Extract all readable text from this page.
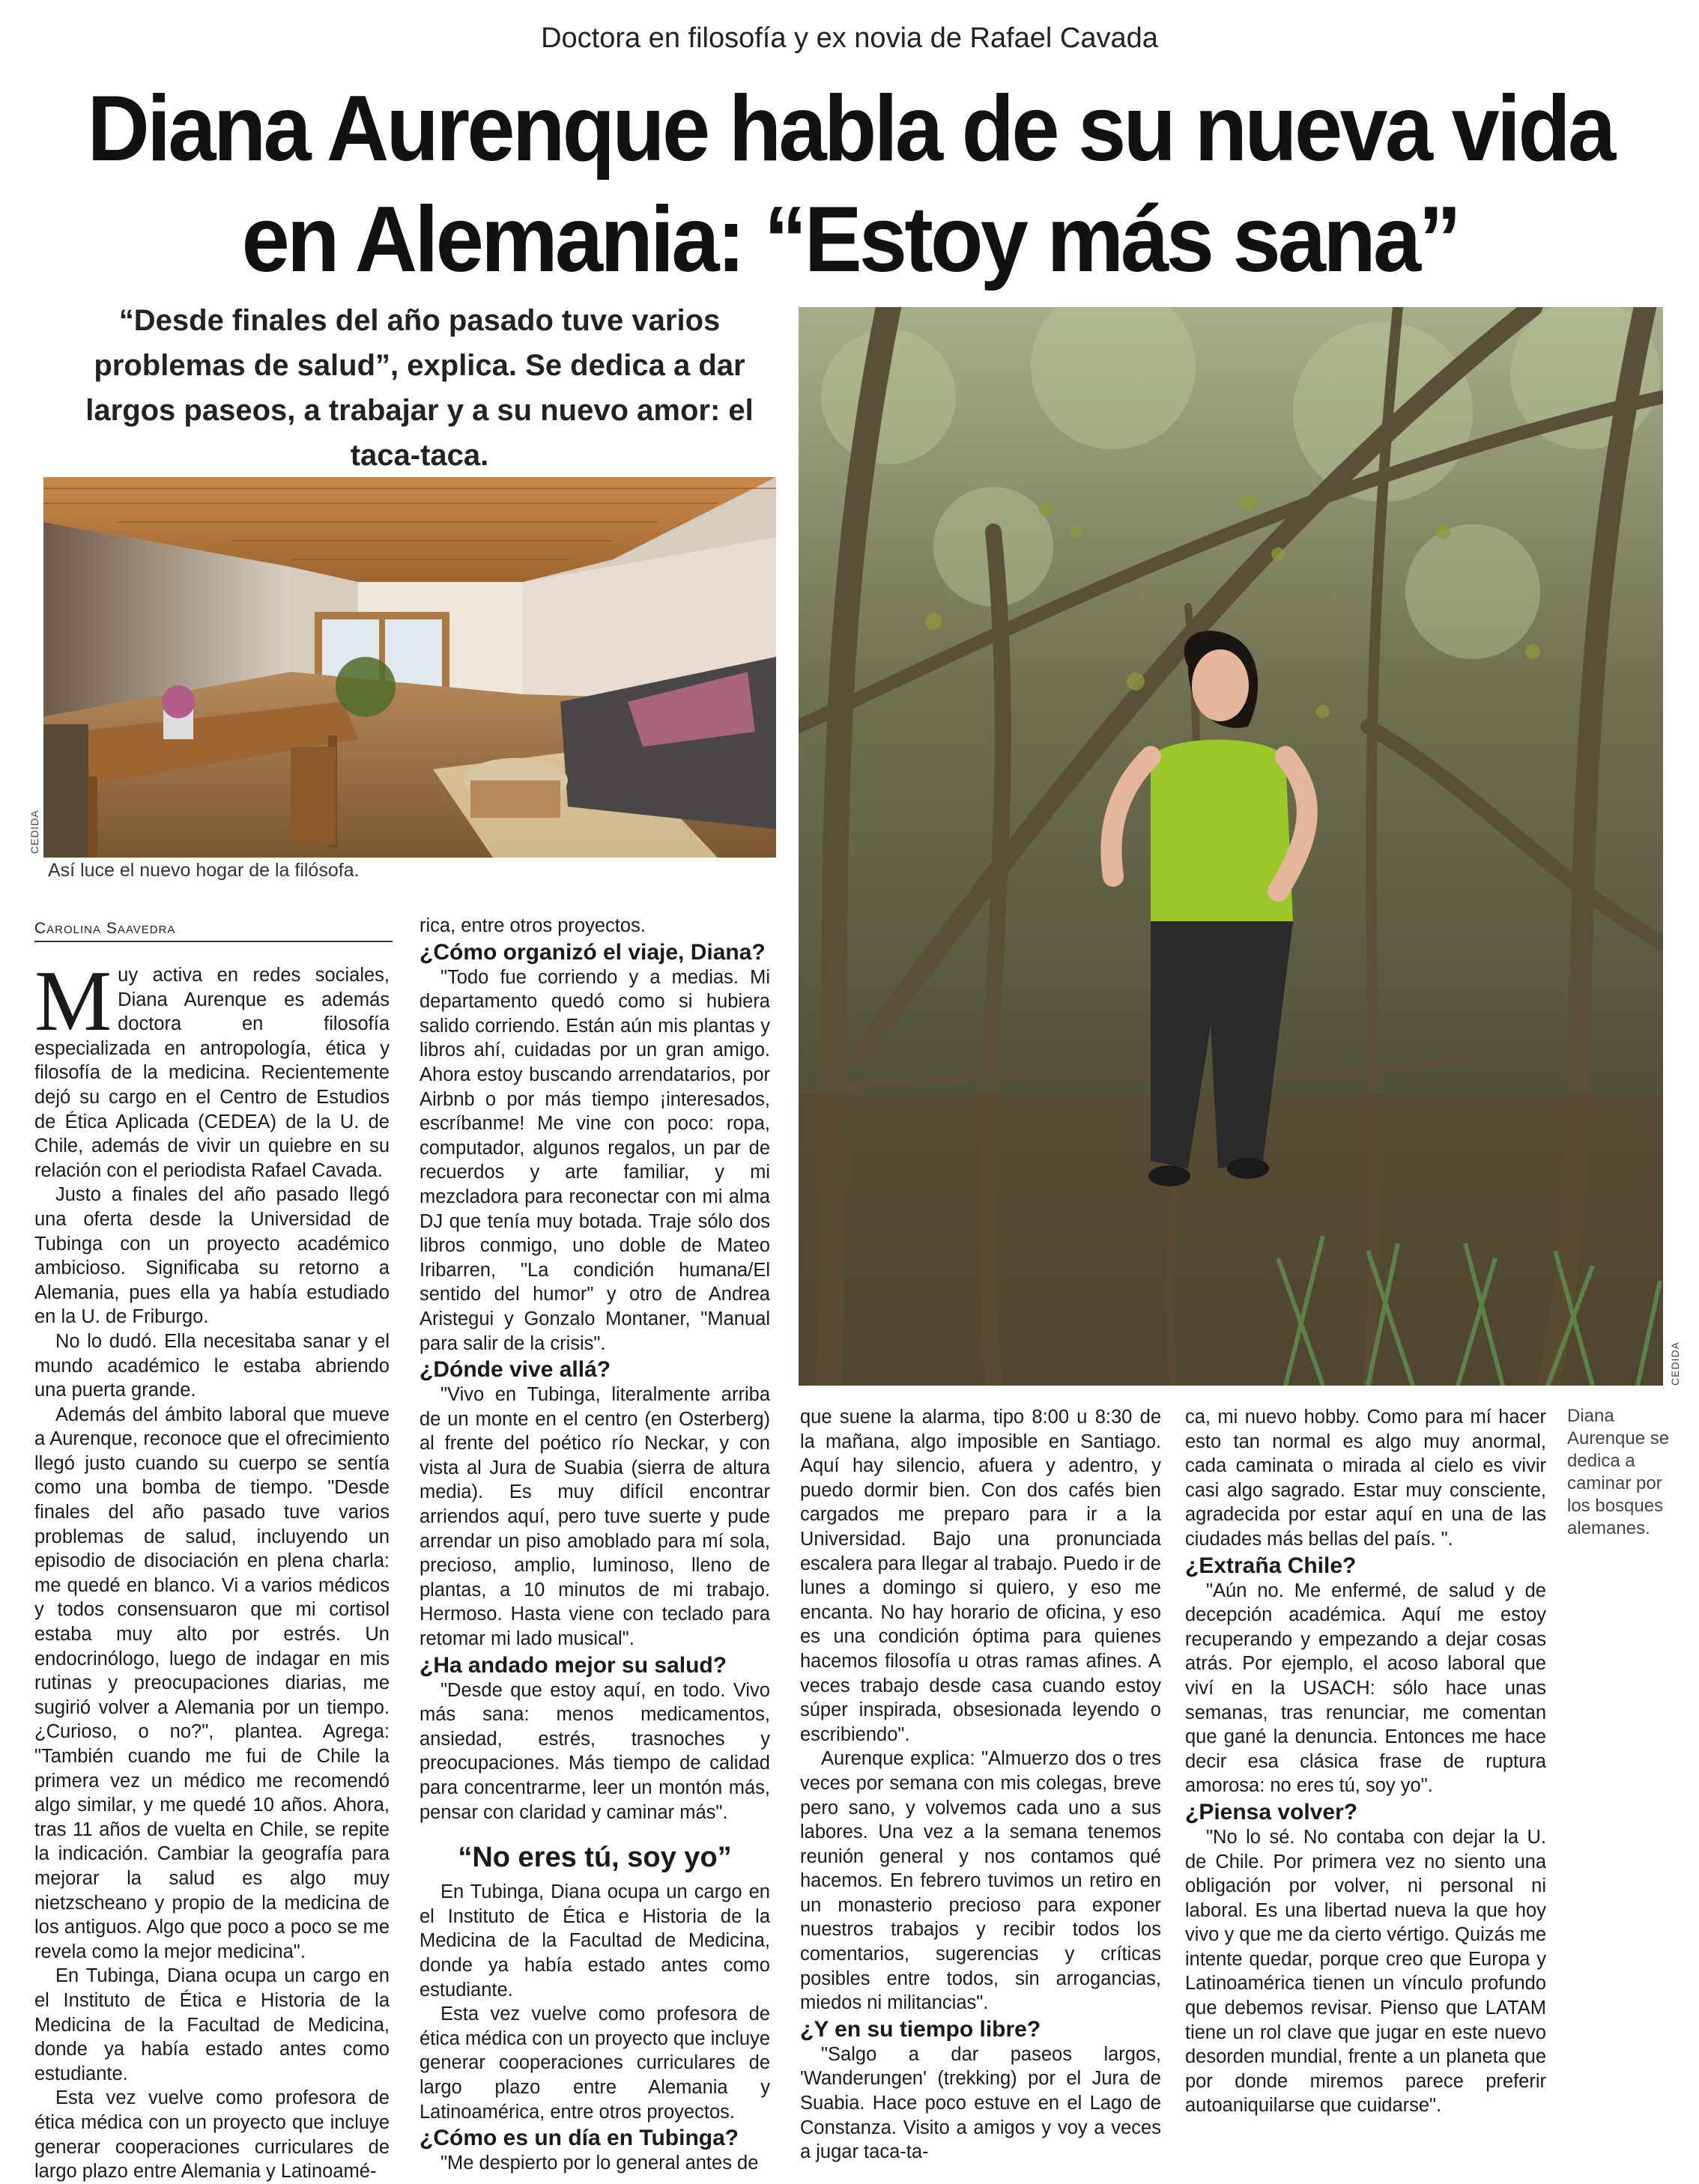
Doctora en filosofía y ex novia de Rafael Cavada
Diana Aurenque habla de su nueva vida
en Alemania: “Estoy más sana”
“Desde finales del año pasado tuve varios problemas de salud”, explica. Se dedica a dar largos paseos, a trabajar y a su nuevo amor: el taca-taca.
CEDIDA
Así luce el nuevo hogar de la filósofa.
CEDIDA
Diana Aurenque se dedica a caminar por los bosques alemanes.
Carolina Saavedra

Muy activa en redes sociales, Diana Aurenque es además doctora en filosofía especializada en antropología, ética y filosofía de la medicina. Recientemente dejó su cargo en el Centro de Estudios de Ética Aplicada (CEDEA) de la U. de Chile, además de vivir un quiebre en su relación con el periodista Rafael Cavada.

Justo a finales del año pasado llegó una oferta desde la Universidad de Tubinga con un proyecto académico ambicioso. Significaba su retorno a Alemania, pues ella ya había estudiado en la U. de Friburgo.

No lo dudó. Ella necesitaba sanar y el mundo académico le estaba abriendo una puerta grande.

Además del ámbito laboral que mueve a Aurenque, reconoce que el ofrecimiento llegó justo cuando su cuerpo se sentía como una bomba de tiempo. "Desde finales del año pasado tuve varios problemas de salud, incluyendo un episodio de disociación en plena charla: me quedé en blanco. Vi a varios médicos y todos consensuaron que mi cortisol estaba muy alto por estrés. Un endocrinólogo, luego de indagar en mis rutinas y preocupaciones diarias, me sugirió volver a Alemania por un tiempo. ¿Curioso, o no?", plantea. Agrega: "También cuando me fui de Chile la primera vez un médico me recomendó algo similar, y me quedé 10 años. Ahora, tras 11 años de vuelta en Chile, se repite la indicación. Cambiar la geografía para mejorar la salud es algo muy nietzscheano y propio de la medicina de los antiguos. Algo que poco a poco se me revela como la mejor medicina".

En Tubinga, Diana ocupa un cargo en el Instituto de Ética e Historia de la Medicina de la Facultad de Medicina, donde ya había estado antes como estudiante.

Esta vez vuelve como profesora de ética médica con un proyecto que incluye generar cooperaciones curriculares de largo plazo entre Alemania y Latinoamé-

rica, entre otros proyectos.

¿Cómo organizó el viaje, Diana?

"Todo fue corriendo y a medias. Mi departamento quedó como si hubiera salido corriendo. Están aún mis plantas y libros ahí, cuidadas por un gran amigo. Ahora estoy buscando arrendatarios, por Airbnb o por más tiempo ¡interesados, escríbanme! Me vine con poco: ropa, computador, algunos regalos, un par de recuerdos y arte familiar, y mi mezcladora para reconectar con mi alma DJ que tenía muy botada. Traje sólo dos libros conmigo, uno doble de Mateo Iribarren, "La condición humana/El sentido del humor" y otro de Andrea Aristegui y Gonzalo Montaner, "Manual para salir de la crisis".

¿Dónde vive allá?

"Vivo en Tubinga, literalmente arriba de un monte en el centro (en Osterberg) al frente del poético río Neckar, y con vista al Jura de Suabia (sierra de altura media). Es muy difícil encontrar arriendos aquí, pero tuve suerte y pude arrendar un piso amoblado para mí sola, precioso, amplio, luminoso, lleno de plantas, a 10 minutos de mi trabajo. Hermoso. Hasta viene con teclado para retomar mi lado musical".

¿Ha andado mejor su salud?

"Desde que estoy aquí, en todo. Vivo más sana: menos medicamentos, ansiedad, estrés, trasnoches y preocupaciones. Más tiempo de calidad para concentrarme, leer un montón más, pensar con claridad y caminar más".

“No eres tú, soy yo”

En Tubinga, Diana ocupa un cargo en el Instituto de Ética e Historia de la Medicina de la Facultad de Medicina, donde ya había estado antes como estudiante.

Esta vez vuelve como profesora de ética médica con un proyecto que incluye generar cooperaciones curriculares de largo plazo entre Alemania y Latinoamérica, entre otros proyectos.

¿Cómo es un día en Tubinga?

"Me despierto por lo general antes de

que suene la alarma, tipo 8:00 u 8:30 de la mañana, algo imposible en Santiago. Aquí hay silencio, afuera y adentro, y puedo dormir bien. Con dos cafés bien cargados me preparo para ir a la Universidad. Bajo una pronunciada escalera para llegar al trabajo. Puedo ir de lunes a domingo si quiero, y eso me encanta. No hay horario de oficina, y eso es una condición óptima para quienes hacemos filosofía u otras ramas afines. A veces trabajo desde casa cuando estoy súper inspirada, obsesionada leyendo o escribiendo".

Aurenque explica: "Almuerzo dos o tres veces por semana con mis colegas, breve pero sano, y volvemos cada uno a sus labores. Una vez a la semana tenemos reunión general y nos contamos qué hacemos. En febrero tuvimos un retiro en un monasterio precioso para exponer nuestros trabajos y recibir todos los comentarios, sugerencias y críticas posibles entre todos, sin arrogancias, miedos ni militancias".

¿Y en su tiempo libre?

"Salgo a dar paseos largos, 'Wanderungen' (trekking) por el Jura de Suabia. Hace poco estuve en el Lago de Constanza. Visito a amigos y voy a veces a jugar taca-ta-

ca, mi nuevo hobby. Como para mí hacer esto tan normal es algo muy anormal, cada caminata o mirada al cielo es vivir casi algo sagrado. Estar muy consciente, agradecida por estar aquí en una de las ciudades más bellas del país. ".

¿Extraña Chile?

"Aún no. Me enfermé, de salud y de decepción académica. Aquí me estoy recuperando y empezando a dejar cosas atrás. Por ejemplo, el acoso laboral que viví en la USACH: sólo hace unas semanas, tras renunciar, me comentan que gané la denuncia. Entonces me hace decir esa clásica frase de ruptura amorosa: no eres tú, soy yo".

¿Piensa volver?

"No lo sé. No contaba con dejar la U. de Chile. Por primera vez no siento una obligación por volver, ni personal ni laboral. Es una libertad nueva la que hoy vivo y que me da cierto vértigo. Quizás me intente quedar, porque creo que Europa y Latinoamérica tienen un vínculo profundo que debemos revisar. Pienso que LATAM tiene un rol clave que jugar en este nuevo desorden mundial, frente a un planeta que por donde miremos parece preferir autoaniquilarse que cuidarse".
